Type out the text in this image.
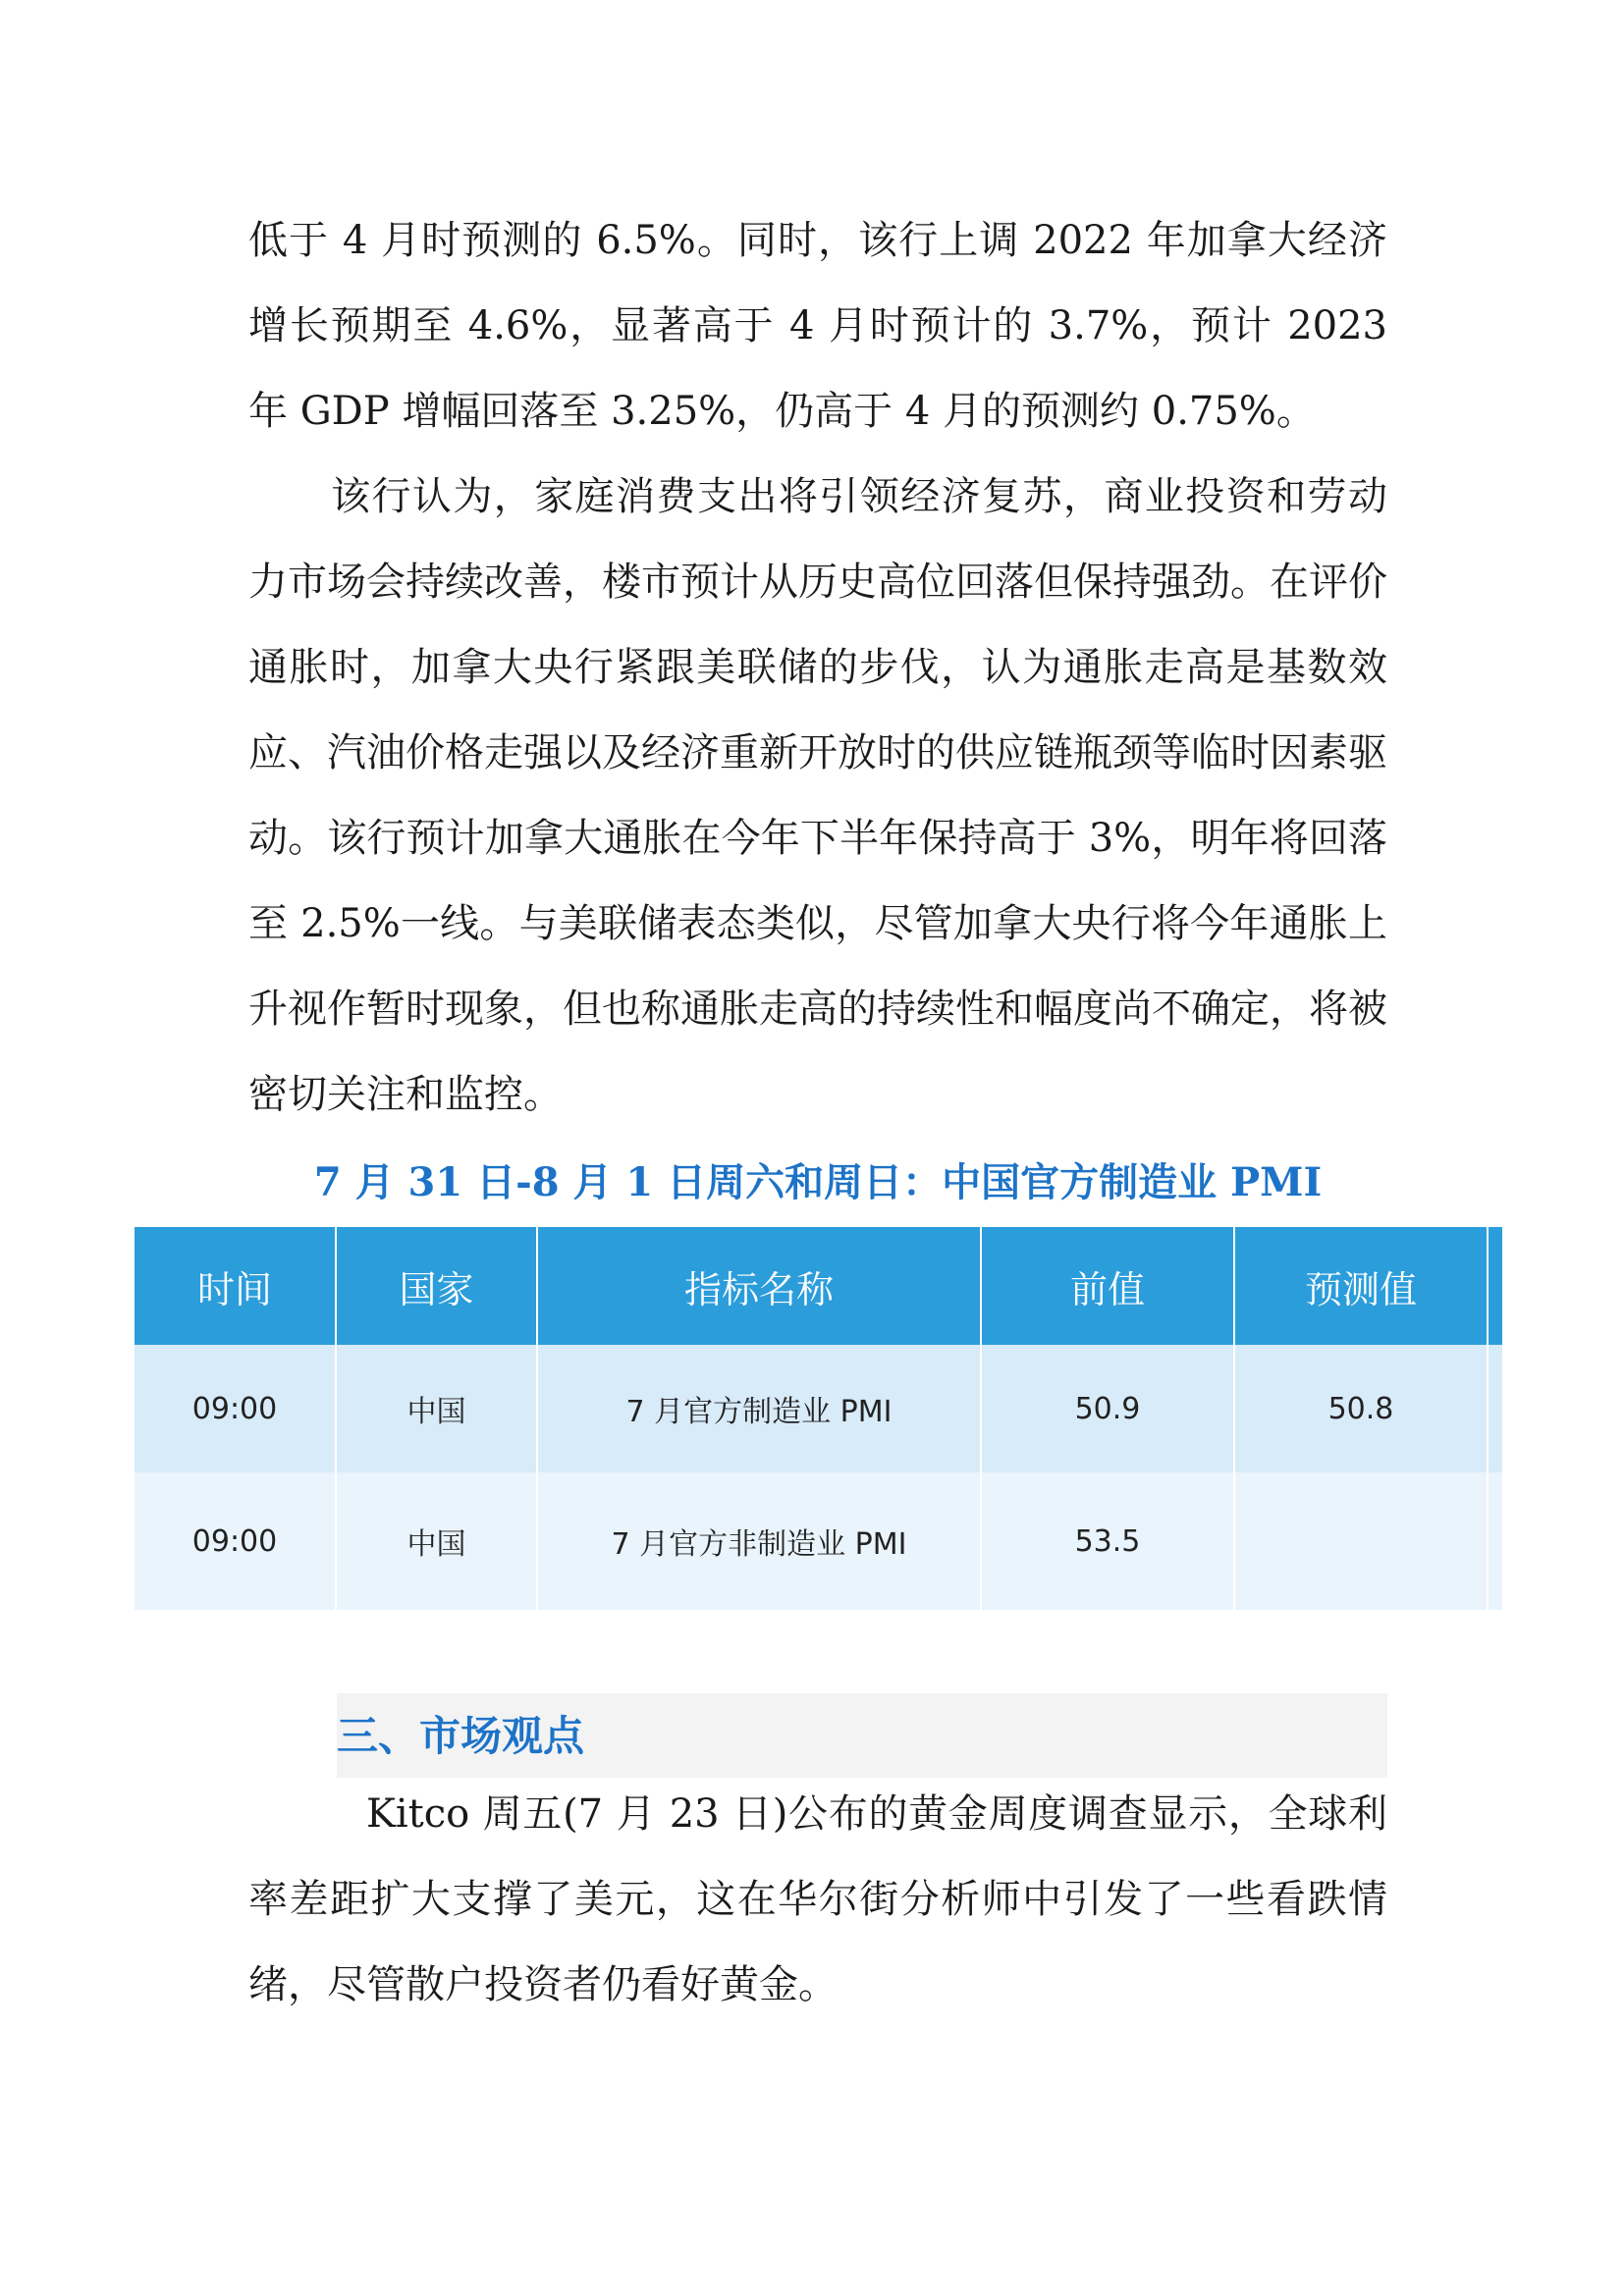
低于 4 月时预测的 6.5%。同时，该行上调 2022 年加拿大经济增长预期至 4.6%，显著高于 4 月时预计的 3.7%，预计 2023 年 GDP 增幅回落至 3.25%，仍高于 4 月的预测约 0.75%。

该行认为，家庭消费支出将引领经济复苏，商业投资和劳动力市场会持续改善，楼市预计从历史高位回落但保持强劲。在评价通胀时，加拿大央行紧跟美联储的步伐，认为通胀走高是基数效应、汽油价格走强以及经济重新开放时的供应链瓶颈等临时因素驱动。该行预计加拿大通胀在今年下半年保持高于 3%，明年将回落至 2.5%一线。与美联储表态类似，尽管加拿大央行将今年通胀上升视作暂时现象，但也称通胀走高的持续性和幅度尚不确定，将被密切关注和监控。

7 月 31 日-8 月 1 日周六和周日：中国官方制造业 PMI
时间	国家	指标名称	前值	预测值	
09:00	中国	7 月官方制造业 PMI	50.9	50.8	
09:00	中国	7 月官方非制造业 PMI	53.5		
三、市场观点

Kitco 周五(7 月 23 日)公布的黄金周度调查显示，全球利率差距扩大支撑了美元，这在华尔街分析师中引发了一些看跌情绪，尽管散户投资者仍看好黄金。
